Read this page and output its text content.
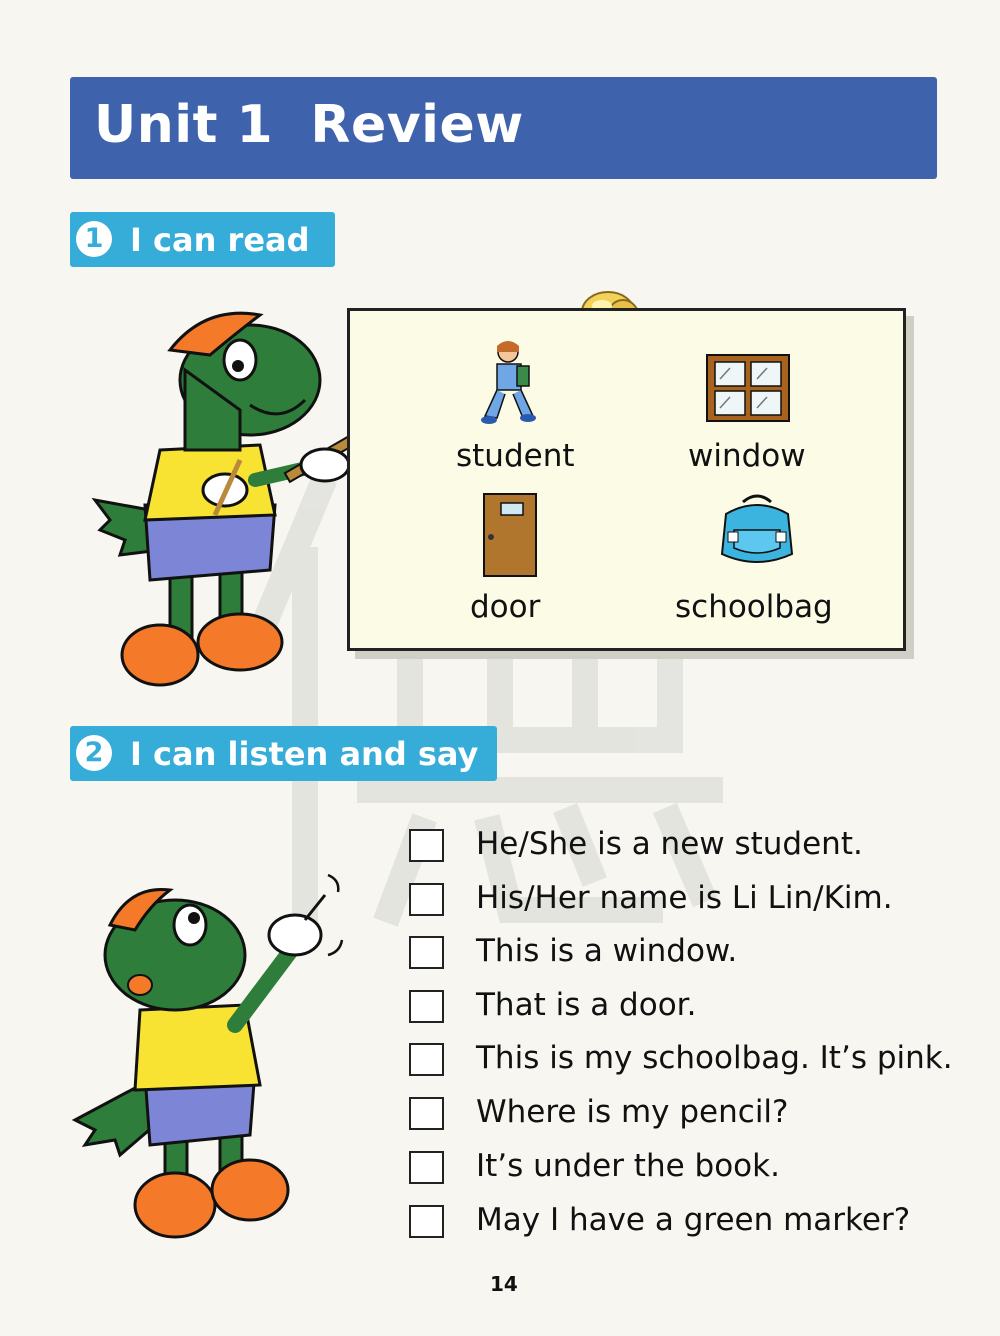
Unit 1  Review
1 I can read
student	window
door	schoolbag
2 I can listen and say
He/She is a new student.
His/Her name is Li Lin/Kim.
This is a window.
That is a door.
This is my schoolbag. It’s pink.
Where is my pencil?
It’s under the book.
May I have a green marker?
14
